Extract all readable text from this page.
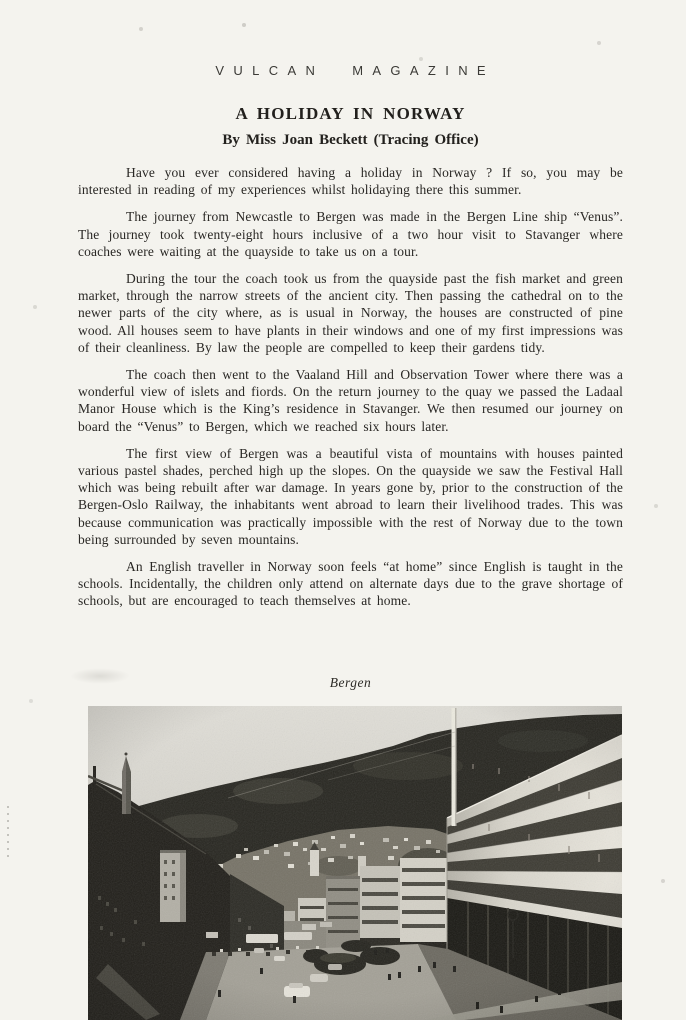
VULCAN MAGAZINE
A HOLIDAY IN NORWAY
By Miss Joan Beckett (Tracing Office)

Have you ever considered having a holiday in Norway ? If so, you may be interested in reading of my experiences whilst holidaying there this summer.

The journey from Newcastle to Bergen was made in the Bergen Line ship “Venus”. The journey took twenty-eight hours inclusive of a two hour visit to Stavanger where coaches were waiting at the quayside to take us on a tour.

During the tour the coach took us from the quayside past the fish market and green market, through the narrow streets of the ancient city. Then passing the cathedral on to the newer parts of the city where, as is usual in Norway, the houses are constructed of pine wood. All houses seem to have plants in their windows and one of my first impressions was of their cleanliness. By law the people are compelled to keep their gardens tidy.

The coach then went to the Vaaland Hill and Observation Tower where there was a wonderful view of islets and fiords. On the return journey to the quay we passed the Ladaal Manor House which is the King’s residence in Stavanger. We then resumed our journey on board the “Venus” to Bergen, which we reached six hours later.

The first view of Bergen was a beautiful vista of mountains with houses painted various pastel shades, perched high up the slopes. On the quayside we saw the Festival Hall which was being rebuilt after war damage. In years gone by, prior to the construction of the Bergen-Oslo Railway, the inhabitants went abroad to learn their livelihood trades. This was because communication was practically impossible with the rest of Norway due to the town being surrounded by seven mountains.

An English traveller in Norway soon feels “at home” since English is taught in the schools. Incidentally, the children only attend on alternate days due to the grave shortage of schools, but are encouraged to teach themselves at home.

Bergen
